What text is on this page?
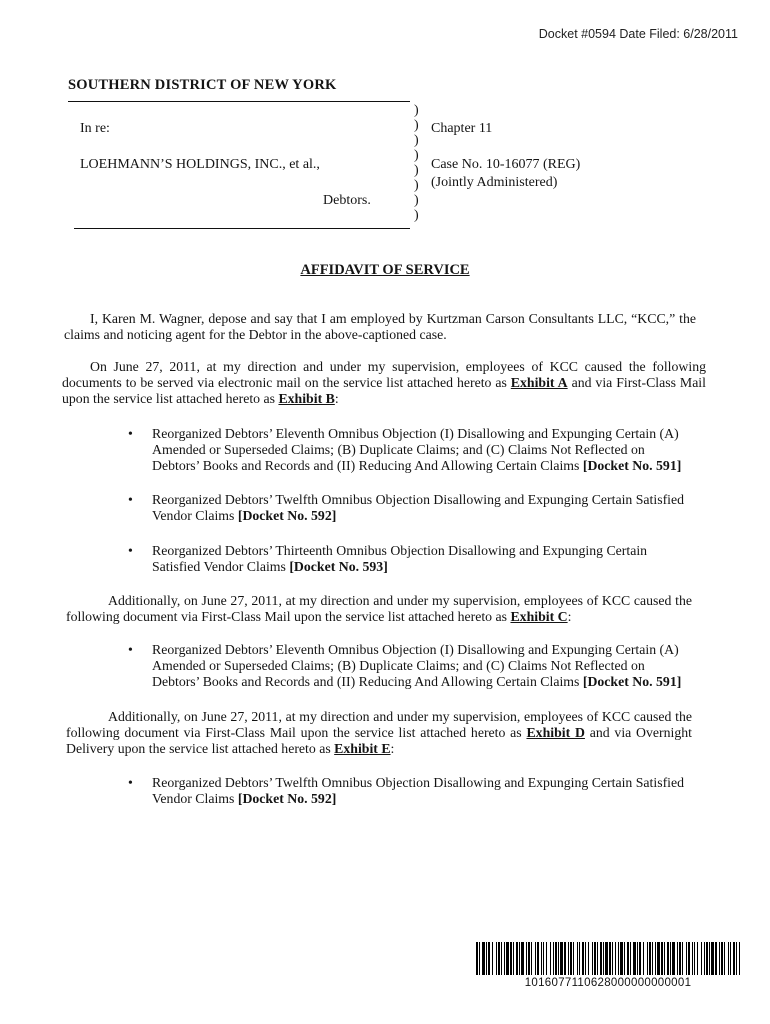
Docket #0594 Date Filed: 6/28/2011
SOUTHERN DISTRICT OF NEW YORK
In re:
LOEHMANN’S HOLDINGS, INC., et al.,
Debtors.
)
)
)
)
)
)
)
)
Chapter 11
Case No. 10-16077 (REG)
(Jointly Administered)
AFFIDAVIT OF SERVICE
I, Karen M. Wagner, depose and say that I am employed by Kurtzman Carson Consultants LLC, “KCC,” the claims and noticing agent for the Debtor in the above-captioned case.
On June 27, 2011, at my direction and under my supervision, employees of KCC caused the following documents to be served via electronic mail on the service list attached hereto as Exhibit A and via First-Class Mail upon the service list attached hereto as Exhibit B:
• Reorganized Debtors’ Eleventh Omnibus Objection (I) Disallowing and Expunging Certain (A) Amended or Superseded Claims; (B) Duplicate Claims; and (C) Claims Not Reflected on Debtors’ Books and Records and (II) Reducing And Allowing Certain Claims [Docket No. 591]
• Reorganized Debtors’ Twelfth Omnibus Objection Disallowing and Expunging Certain Satisfied Vendor Claims [Docket No. 592]
• Reorganized Debtors’ Thirteenth Omnibus Objection Disallowing and Expunging Certain Satisfied Vendor Claims [Docket No. 593]
Additionally, on June 27, 2011, at my direction and under my supervision, employees of KCC caused the following document via First-Class Mail upon the service list attached hereto as Exhibit C:
• Reorganized Debtors’ Eleventh Omnibus Objection (I) Disallowing and Expunging Certain (A) Amended or Superseded Claims; (B) Duplicate Claims; and (C) Claims Not Reflected on Debtors’ Books and Records and (II) Reducing And Allowing Certain Claims [Docket No. 591]
Additionally, on June 27, 2011, at my direction and under my supervision, employees of KCC caused the following document via First-Class Mail upon the service list attached hereto as Exhibit D and via Overnight Delivery upon the service list attached hereto as Exhibit E:
• Reorganized Debtors’ Twelfth Omnibus Objection Disallowing and Expunging Certain Satisfied Vendor Claims [Docket No. 592]
1016077110628000000000001
